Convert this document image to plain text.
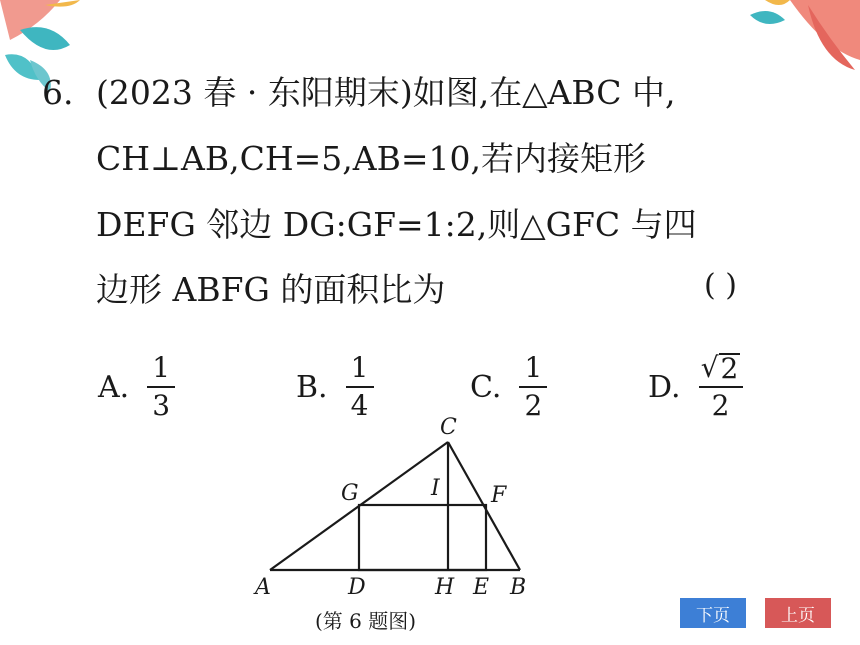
6. (2023 春 · 东阳期末)如图,在△ABC 中,
CH⊥AB,CH=5,AB=10,若内接矩形
DEFG 邻边 DG:GF=1:2,则△GFC 与四
边形 ABFG 的面积比为	( )
A. $\frac{1}{3}$	B. $\frac{1}{4}$	C. $\frac{1}{2}$	D. $\frac{√ 2}{2}$
A	B
C
D	E
F
G
H
I
(第 6 题图)	下页	上页
